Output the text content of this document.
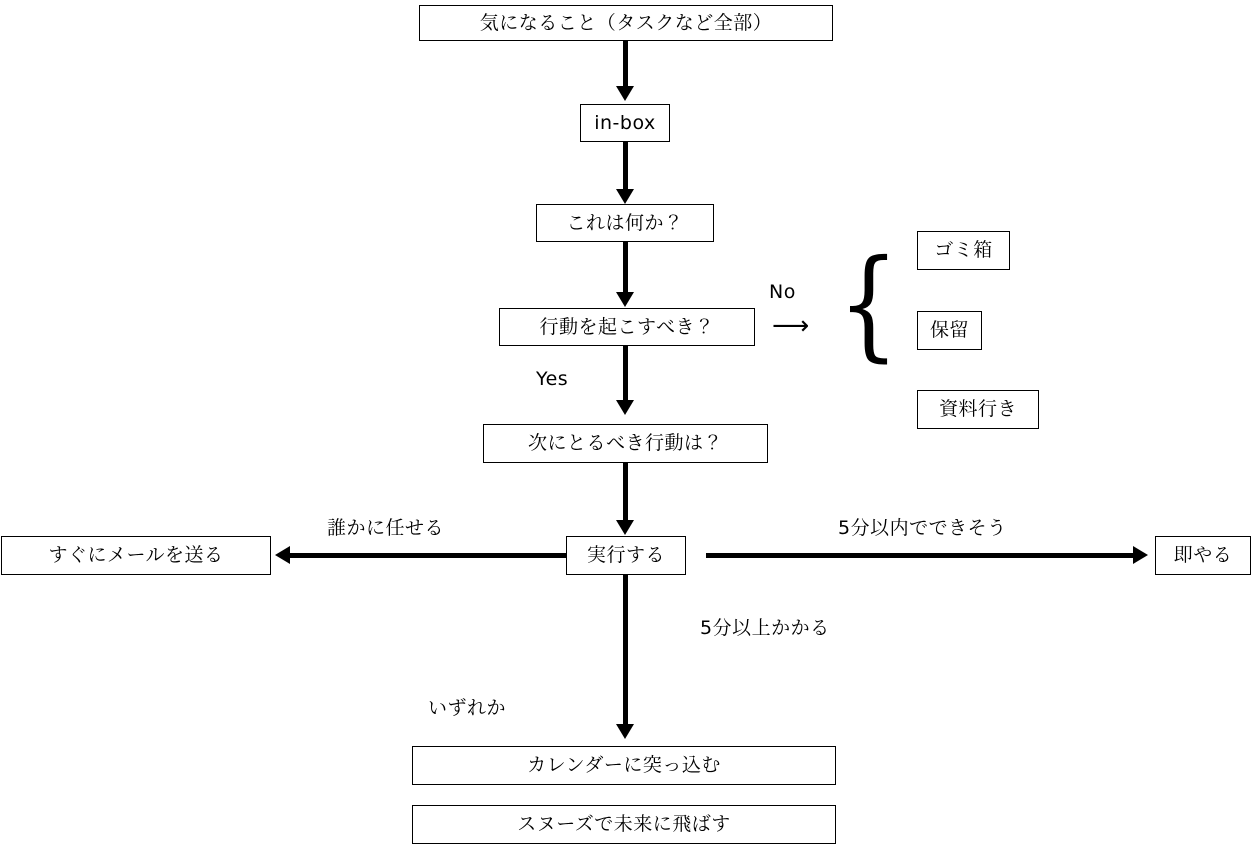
気になること（タスクなど全部）
in-box
これは何か？
行動を起こすべき？
No
⟶ { ゴミ箱
保留
資料行き
Yes
次にとるべき行動は？
実行する
誰かに任せる
すぐにメールを送る
5分以内でできそう
即やる
5分以上かかる
いずれか
カレンダーに突っ込む
スヌーズで未来に飛ばす
